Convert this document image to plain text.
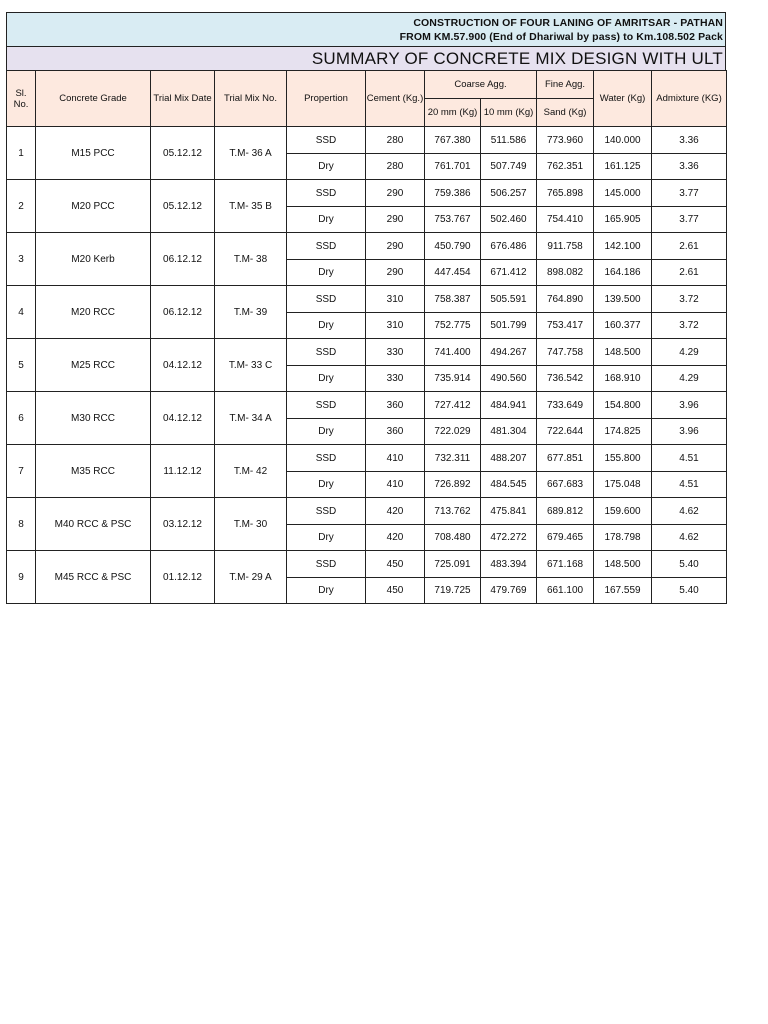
CONSTRUCTION OF FOUR LANING OF AMRITSAR - PATHAN
FROM KM.57.900 (End of Dhariwal by pass) to Km.108.502 Pack
SUMMARY OF CONCRETE MIX DESIGN WITH ULT
Sl. No.	Concrete Grade	Trial Mix Date	Trial Mix No.	Propertion	Cement (Kg.)	Coarse Agg.		Fine Agg.	Water (Kg)	Admixture (KG)
						20 mm (Kg)	10 mm (Kg)	Sand (Kg)		
1	M15 PCC	05.12.12	T.M- 36 A	SSD	280	767.380	511.586	773.960	140.000	3.36
				Dry	280	761.701	507.749	762.351	161.125	3.36
2	M20 PCC	05.12.12	T.M- 35 B	SSD	290	759.386	506.257	765.898	145.000	3.77
				Dry	290	753.767	502.460	754.410	165.905	3.77
3	M20 Kerb	06.12.12	T.M- 38	SSD	290	450.790	676.486	911.758	142.100	2.61
				Dry	290	447.454	671.412	898.082	164.186	2.61
4	M20 RCC	06.12.12	T.M- 39	SSD	310	758.387	505.591	764.890	139.500	3.72
				Dry	310	752.775	501.799	753.417	160.377	3.72
5	M25 RCC	04.12.12	T.M- 33 C	SSD	330	741.400	494.267	747.758	148.500	4.29
				Dry	330	735.914	490.560	736.542	168.910	4.29
6	M30 RCC	04.12.12	T.M- 34 A	SSD	360	727.412	484.941	733.649	154.800	3.96
				Dry	360	722.029	481.304	722.644	174.825	3.96
7	M35 RCC	11.12.12	T.M- 42	SSD	410	732.311	488.207	677.851	155.800	4.51
				Dry	410	726.892	484.545	667.683	175.048	4.51
8	M40 RCC & PSC	03.12.12	T.M- 30	SSD	420	713.762	475.841	689.812	159.600	4.62
				Dry	420	708.480	472.272	679.465	178.798	4.62
9	M45 RCC & PSC	01.12.12	T.M- 29 A	SSD	450	725.091	483.394	671.168	148.500	5.40
				Dry	450	719.725	479.769	661.100	167.559	5.40
